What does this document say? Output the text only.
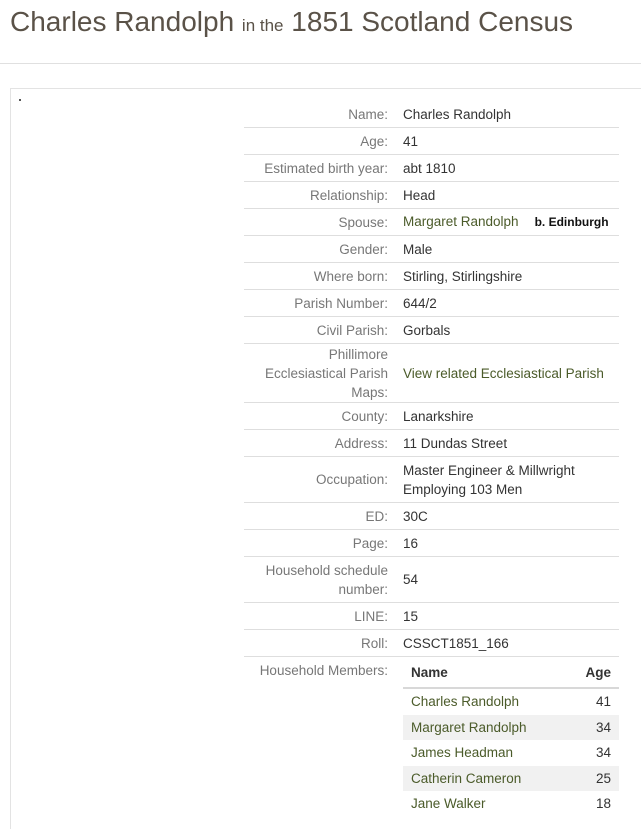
Charles Randolph in the 1851 Scotland Census
Name:	Charles Randolph
Age:	41
Estimated birth year:	abt 1810
Relationship:	Head
Spouse:	Margaret Randolph b. Edinburgh
Gender:	Male
Where born:	Stirling, Stirlingshire
Parish Number:	644/2
Civil Parish:	Gorbals

Phillimore
Ecclesiastical Parish
Maps:
	View related Ecclesiastical Parish
County:	Lanarkshire
Address:	11 Dundas Street
Occupation:	
Master Engineer & Millwright
Employing 103 Men

ED:	30C
Page:	16

Household schedule
number:
	54
LINE:	15
Roll:	CSSCT1851_166
Household Members:	Name	Age
Charles Randolph	41
Margaret Randolph	34
James Headman	34
Catherin Cameron	25
Jane Walker	18
